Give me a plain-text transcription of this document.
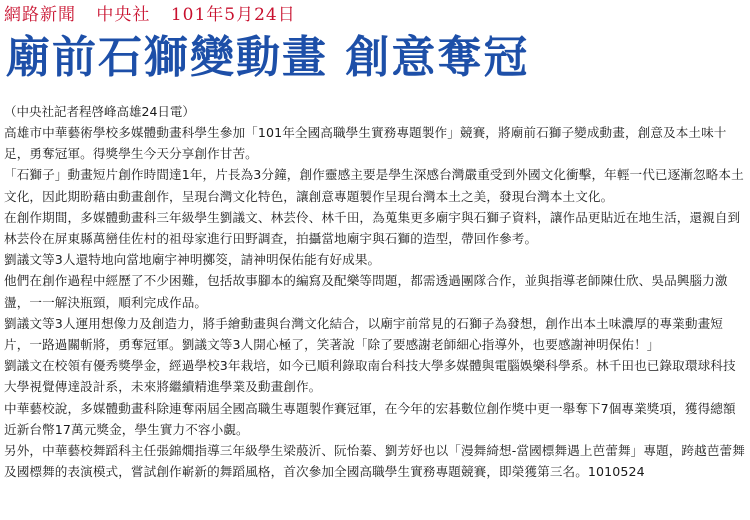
網路新聞 中央社 101年5月24日
廟前石獅變動畫 創意奪冠
（中央社記者程啓峰高雄24日電）

高雄市中華藝術學校多媒體動畫科學生參加「101年全國高職學生實務專題製作」競賽，將廟前石獅子變成動畫，創意及本土味十足，勇奪冠軍。得獎學生今天分享創作甘苦。

「石獅子」動畫短片創作時間達1年，片長為3分鐘，創作靈感主要是學生深感台灣嚴重受到外國文化衝擊，年輕一代已逐漸忽略本土文化，因此期盼藉由動畫創作，呈現台灣文化特色，讓創意專題製作呈現台灣本土之美，發現台灣本土文化。

在創作期間，多媒體動畫科三年級學生劉議文、林芸伶、林千田，為蒐集更多廟宇與石獅子資料，讓作品更貼近在地生活，還親自到林芸伶在屏東縣萬巒佳佐村的祖母家進行田野調查，拍攝當地廟宇與石獅的造型，帶回作參考。

劉議文等3人還特地向當地廟宇神明擲筊，請神明保佑能有好成果。

他們在創作過程中經歷了不少困難，包括故事腳本的編寫及配樂等問題，都需透過團隊合作，並與指導老師陳仕欣、吳品興腦力激盪，一一解決瓶頸，順利完成作品。

劉議文等3人運用想像力及創造力，將手繪動畫與台灣文化結合，以廟宇前常見的石獅子為發想，創作出本土味濃厚的專業動畫短片，一路過關斬將，勇奪冠軍。劉議文等3人開心極了，笑著說「除了要感謝老師細心指導外，也要感謝神明保佑！」

劉議文在校領有優秀獎學金，經過學校3年栽培，如今已順利錄取南台科技大學多媒體與電腦娛樂科學系。林千田也已錄取環球科技大學視覺傳達設計系，未來將繼續精進學業及動畫創作。

中華藝校說，多媒體動畫科除連奪兩屆全國高職生專題製作賽冠軍，在今年的宏碁數位創作獎中更一舉奪下7個專業獎項，獲得總額近新台幣17萬元獎金，學生實力不容小覷。

另外，中華藝校舞蹈科主任張錦燗指導三年級學生梁蒑沂、阮怡蓁、劉芳妤也以「漫舞綺想-當國標舞遇上芭蕾舞」專題，跨越芭蕾舞及國標舞的表演模式，嘗試創作嶄新的舞蹈風格，首次參加全國高職學生實務專題競賽，即榮獲第三名。1010524
